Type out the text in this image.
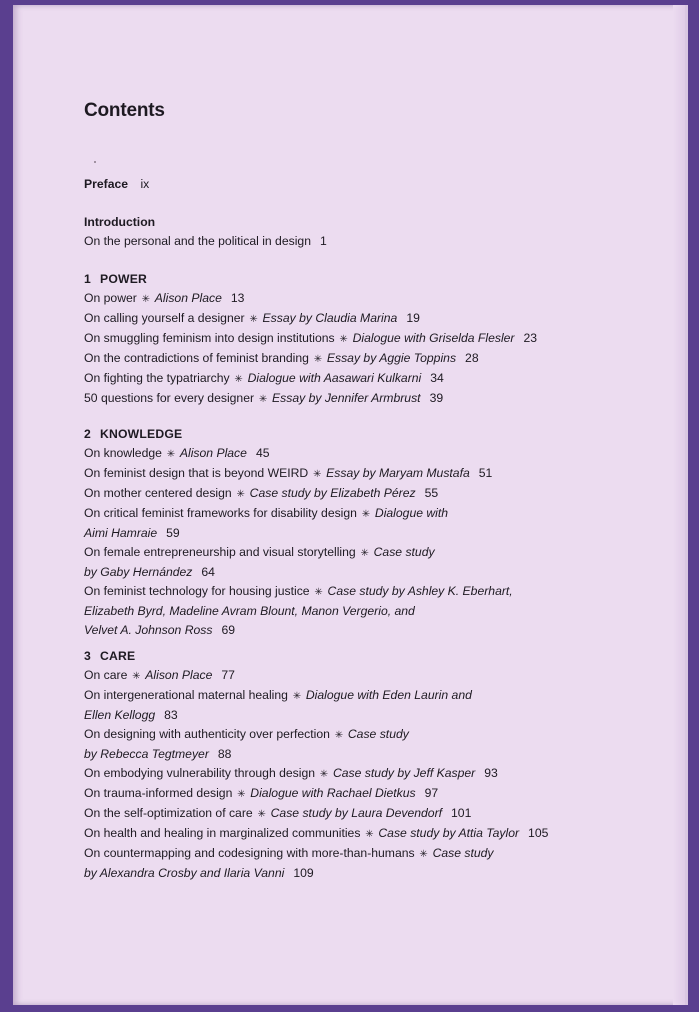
Contents
Preface ix
Introduction
On the personal and the political in design 1
1 POWER
On power ✳ Alison Place 13
On calling yourself a designer ✳ Essay by Claudia Marina 19
On smuggling feminism into design institutions ✳ Dialogue with Griselda Flesler 23
On the contradictions of feminist branding ✳ Essay by Aggie Toppins 28
On fighting the typatriarchy ✳ Dialogue with Aasawari Kulkarni 34
50 questions for every designer ✳ Essay by Jennifer Armbrust 39
2 KNOWLEDGE
On knowledge ✳ Alison Place 45
On feminist design that is beyond WEIRD ✳ Essay by Maryam Mustafa 51
On mother centered design ✳ Case study by Elizabeth Pérez 55
On critical feminist frameworks for disability design ✳ Dialogue with
Aimi Hamraie 59
On female entrepreneurship and visual storytelling ✳ Case study
by Gaby Hernández 64
On feminist technology for housing justice ✳ Case study by Ashley K. Eberhart,
Elizabeth Byrd, Madeline Avram Blount, Manon Vergerio, and
Velvet A. Johnson Ross 69
3 CARE
On care ✳ Alison Place 77
On intergenerational maternal healing ✳ Dialogue with Eden Laurin and
Ellen Kellogg 83
On designing with authenticity over perfection ✳ Case study
by Rebecca Tegtmeyer 88
On embodying vulnerability through design ✳ Case study by Jeff Kasper 93
On trauma-informed design ✳ Dialogue with Rachael Dietkus 97
On the self-optimization of care ✳ Case study by Laura Devendorf 101
On health and healing in marginalized communities ✳ Case study by Attia Taylor 105
On countermapping and codesigning with more-than-humans ✳ Case study
by Alexandra Crosby and Ilaria Vanni 109
